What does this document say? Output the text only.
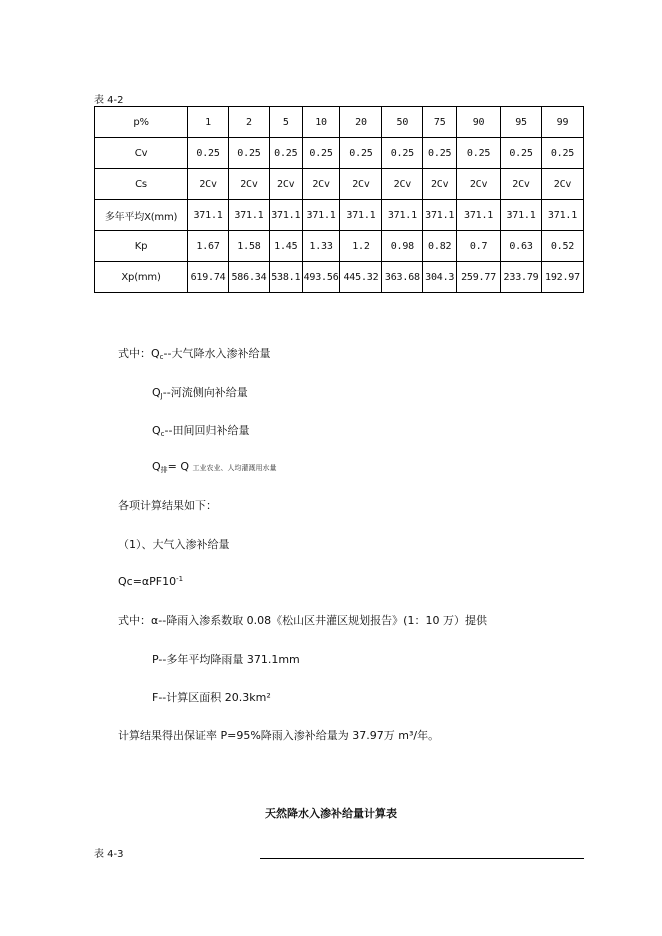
表 4-2
p%	1	2	5	10	20	50	75	90	95	99
Cv	0.25	0.25	0.25	0.25	0.25	0.25	0.25	0.25	0.25	0.25
Cs	2Cv	2Cv	2Cv	2Cv	2Cv	2Cv	2Cv	2Cv	2Cv	2Cv
多年平均X(mm)	371.1	371.1	371.1	371.1	371.1	371.1	371.1	371.1	371.1	371.1
Kp	1.67	1.58	1.45	1.33	1.2	0.98	0.82	0.7	0.63	0.52
Xp(mm)	619.74	586.34	538.1	493.56	445.32	363.68	304.3	259.77	233.79	192.97
式中：$Q_c--$大气降水入渗补给量
$Q_J--$河流侧向补给量
$Q_c--$田间回归补给量
$Q_排= Q$ 工业农业、人均灌溉用水量
各项计算结果如下：
（1）、大气入渗补给量
$Qc=\alpha PF10^{-1}$
式中：α--降雨入渗系数取 0.08《松山区井灌区规划报告》(1：10 万）提供
P--多年平均降雨量 371.1mm
F--计算区面积 20.3km²
计算结果得出保证率 P=95%降雨入渗补给量为 37.97万 m³/年。
天然降水入渗补给量计算表
表 4-3
